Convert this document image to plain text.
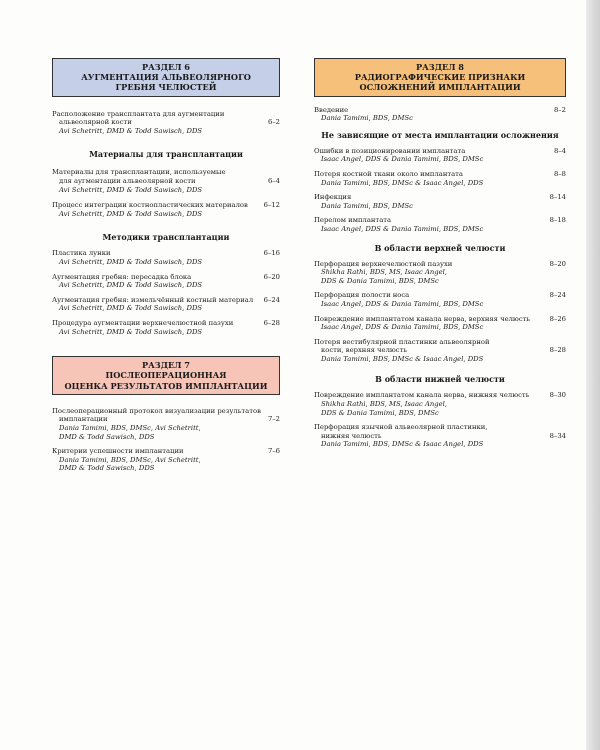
РАЗДЕЛ 6
АУГМЕНТАЦИЯ АЛЬВЕОЛЯРНОГО
ГРЕБНЯ ЧЕЛЮСТЕЙ
Расположение трансплантата для аугментации
альвеолярной кости	6–2
Avi Schetritt, DMD & Todd Sawisch, DDS
Материалы для трансплантации
Материалы для трансплантации, используемые
для аугментации альвеолярной кости	6–4
Avi Schetritt, DMD & Todd Sawisch, DDS
Процесс интеграции костнопластических материалов	6–12
Avi Schetritt, DMD & Todd Sawisch, DDS
Методики трансплантации
Пластика лунки	6–16
Avi Schetritt, DMD & Todd Sawisch, DDS
Аугментация гребня: пересадка блока	6–20
Avi Schetritt, DMD & Todd Sawisch, DDS
Аугментация гребня: измельчённый костный материал	6–24
Avi Schetritt, DMD & Todd Sawisch, DDS
Процедура аугментации верхнечелюстной пазухи	6–28
Avi Schetritt, DMD & Todd Sawisch, DDS
РАЗДЕЛ 7
ПОСЛЕОПЕРАЦИОННАЯ
ОЦЕНКА РЕЗУЛЬТАТОВ ИМПЛАНТАЦИИ
Послеоперационный протокол визуализации результатов
имплантации	7–2
Dania Tamimi, BDS, DMSc, Avi Schetritt,
DMD & Todd Sawisch, DDS
Критерии успешности имплантации	7–6
Dania Tamimi, BDS, DMSc, Avi Schetritt,
DMD & Todd Sawisch, DDS
РАЗДЕЛ 8
РАДИОГРАФИЧЕСКИЕ ПРИЗНАКИ
ОСЛОЖНЕНИЙ ИМПЛАНТАЦИИ
Введение	8–2
Dania Tamimi, BDS, DMSc
Не зависящие от места имплантации осложнения
Ошибки в позиционировании имплантата	8–4
Isaac Angel, DDS & Dania Tamimi, BDS, DMSc
Потеря костной ткани около имплантата	8–8
Dania Tamimi, BDS, DMSc & Isaac Angel, DDS
Инфекция	8–14
Dania Tamimi, BDS, DMSc
Перелом имплантата	8–18
Isaac Angel, DDS & Dania Tamimi, BDS, DMSc
В области верхней челюсти
Перфорация верхнечелюстной пазухи	8–20
Shikha Rathi, BDS, MS, Isaac Angel,
DDS & Dania Tamimi, BDS, DMSc
Перфорация полости носа	8–24
Isaac Angel, DDS & Dania Tamimi, BDS, DMSc
Повреждение имплантатом канала нерва, верхняя челюсть	8–26
Isaac Angel, DDS & Dania Tamimi, BDS, DMSc
Потеря вестибулярной пластинки альвеолярной
кости, верхняя челюсть	8–28
Dania Tamimi, BDS, DMSc & Isaac Angel, DDS
В области нижней челюсти
Повреждение имплантатом канала нерва, нижняя челюсть	8–30
Shikha Rathi, BDS, MS, Isaac Angel,
DDS & Dania Tamimi, BDS, DMSc
Перфорация язычной альвеолярной пластинки,
нижняя челюсть	8–34
Dania Tamimi, BDS, DMSc & Isaac Angel, DDS
